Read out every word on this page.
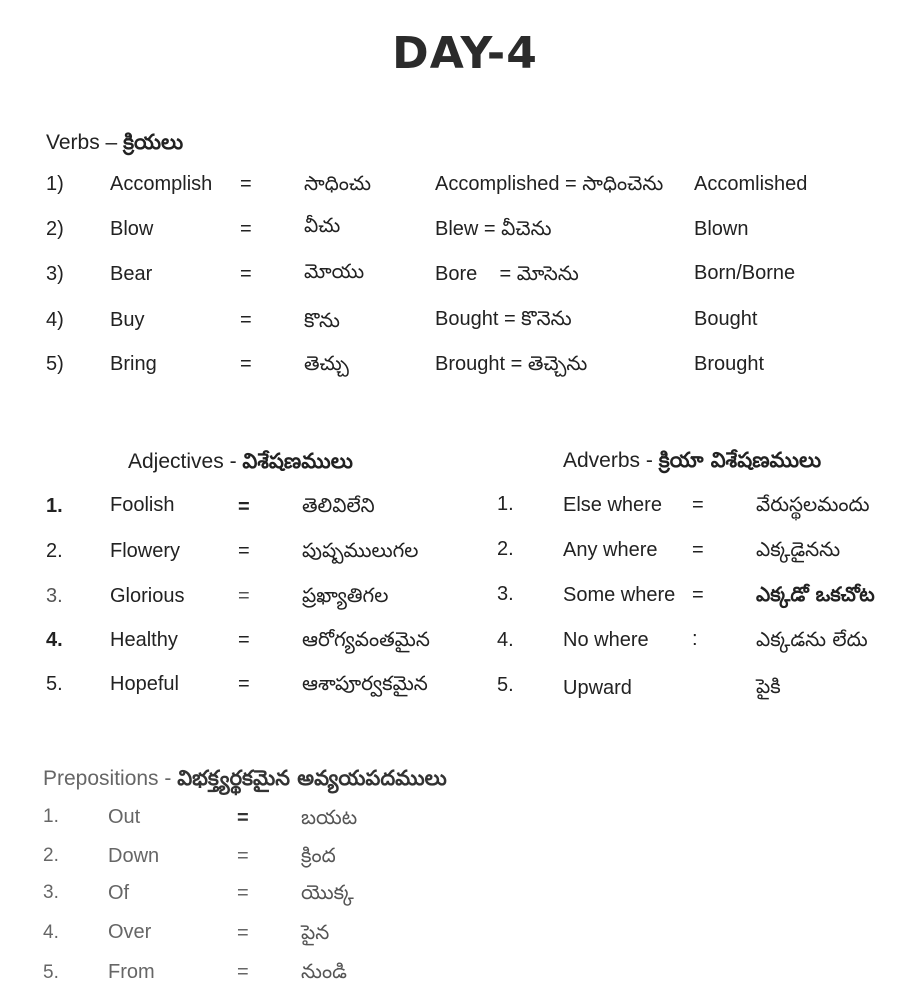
DAY-4
Verbs – క్రియలు
1) Accomplish =	సాధించు	Accomplished = సాధించెను Accomlished
2) Blow	=	వీచు	Blew = వీచెను	Blown
3) Bear	=	మోయు	Bore    = మోసెను	Born/Borne
4) Buy	=	కొను	Bought = కొనెను	Bought
5) Bring	=	తెచ్చు	Brought = తెచ్చెను	Brought
Adjectives - విశేషణములు
1. Foolish	=	తెలివిలేని
2. Flowery	=	పుష్పములుగల
3. Glorious	=	ప్రఖ్యాతిగల
4. Healthy	=	ఆరోగ్యవంతమైన
5. Hopeful	=	ఆశాపూర్వకమైన
Adverbs - క్రియా విశేషణములు
1. Else where =	వేరుస్థలమందు
2. Any where =	ఎక్కడైనను
3. Some where =	ఎక్కడో ఒకచోట
4. No where :	ఎక్కడను లేదు
5. Upward	పైకి
Prepositions - విభక్త్యర్థకమైన అవ్యయపదములు
1. Out	=	బయట
2. Down	=	క్రింద
3. Of	=	యొక్క
4. Over	=	పైన
5. From	=	నుండి
